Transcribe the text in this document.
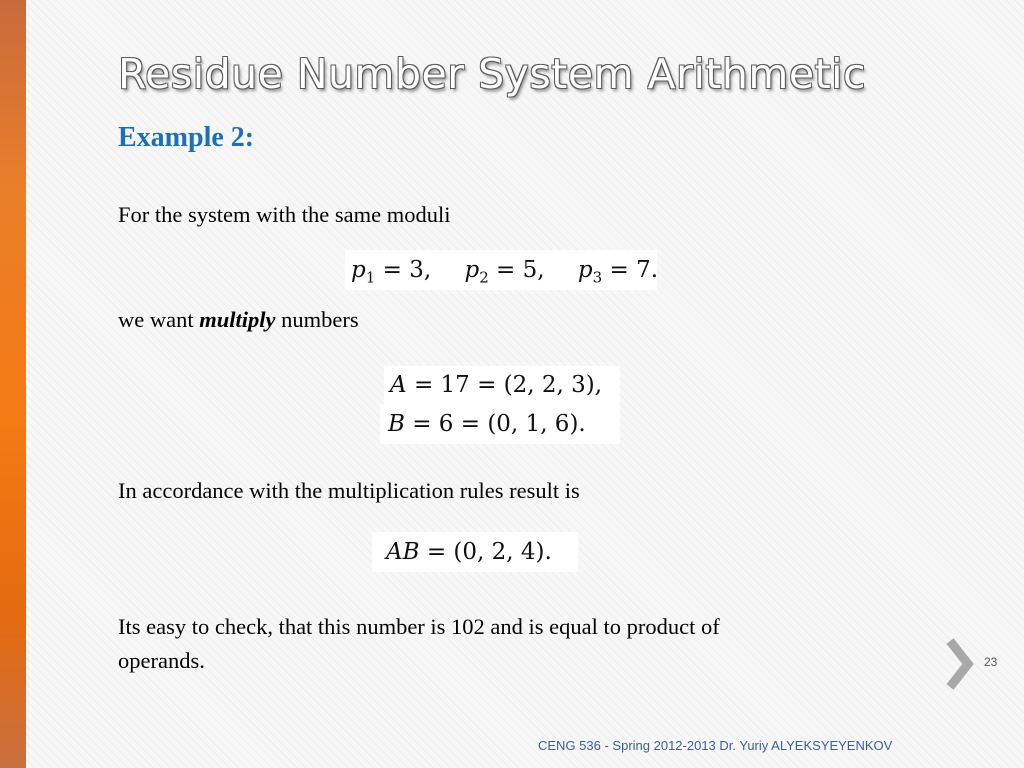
Residue Number System Arithmetic
Example 2:
For the system with the same moduli
$p_1 = 3$, $p_2 = 5$, $p_3 = 7$.
we want multiply numbers
A = 17 = (2, 2, 3),
B = 6 = (0, 1, 6).
In accordance with the multiplication rules result is
AB = (0, 2, 4).
Its easy to check, that this number is 102 and is equal to product of
operands.	23
CENG 536 - Spring 2012-2013 Dr. Yuriy ALYEKSYEYENKOV
